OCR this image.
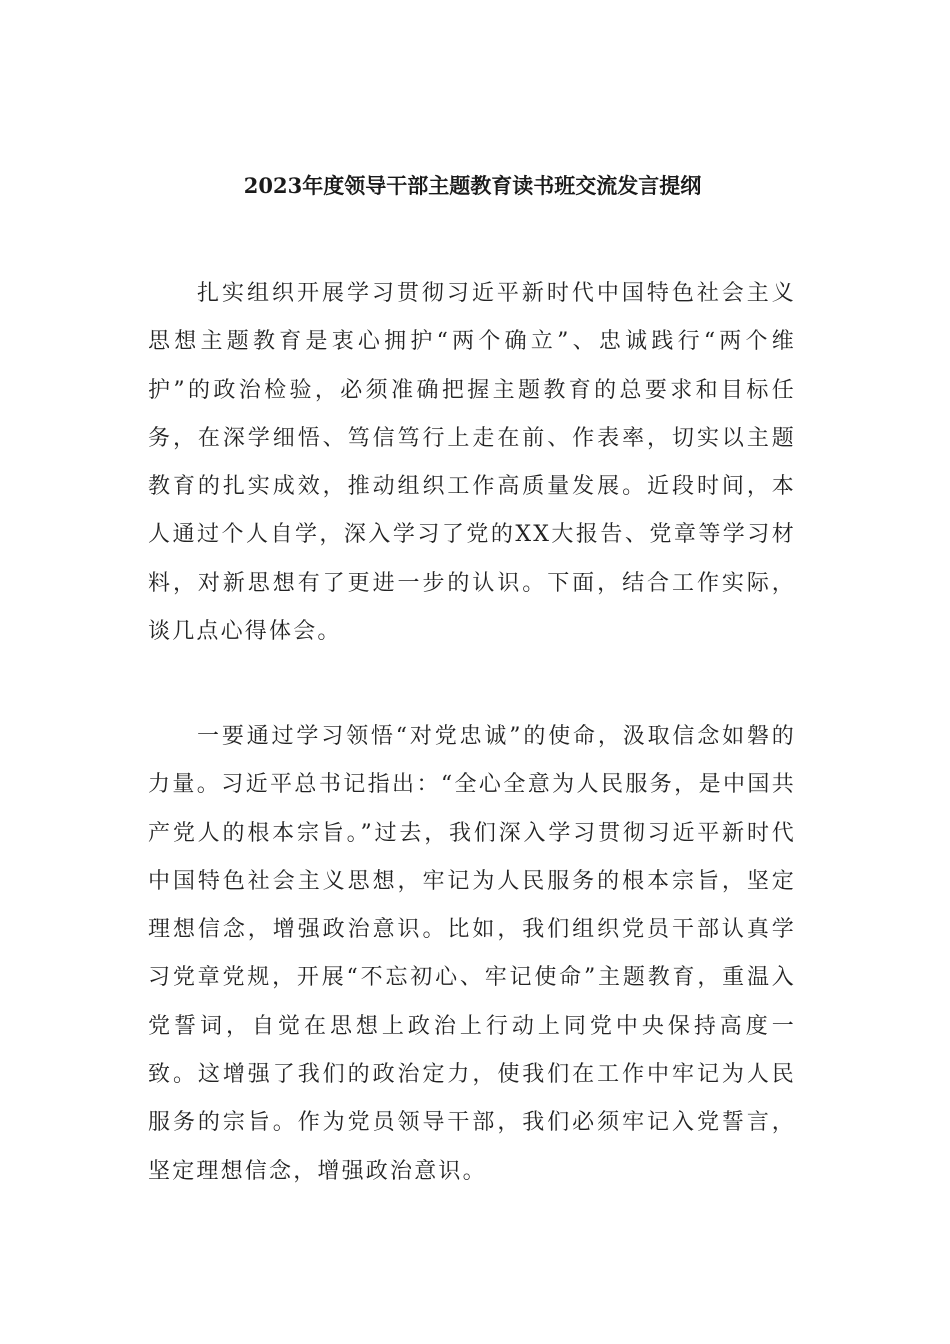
2023年度领导干部主题教育读书班交流发言提纲

扎实组织开展学习贯彻习近平新时代中国特色社会主义思想主题教育是衷心拥护“两个确立”、忠诚践行“两个维护”的政治检验，必须准确把握主题教育的总要求和目标任务，在深学细悟、笃信笃行上走在前、作表率，切实以主题教育的扎实成效，推动组织工作高质量发展。近段时间，本人通过个人自学，深入学习了党的XX大报告、党章等学习材料，对新思想有了更进一步的认识。下面，结合工作实际，谈几点心得体会。

一要通过学习领悟“对党忠诚”的使命，汲取信念如磐的力量。习近平总书记指出：“全心全意为人民服务，是中国共产党人的根本宗旨。”过去，我们深入学习贯彻习近平新时代中国特色社会主义思想，牢记为人民服务的根本宗旨，坚定理想信念，增强政治意识。比如，我们组织党员干部认真学习党章党规，开展“不忘初心、牢记使命”主题教育，重温入党誓词，自觉在思想上政治上行动上同党中央保持高度一致。这增强了我们的政治定力，使我们在工作中牢记为人民服务的宗旨。作为党员领导干部，我们必须牢记入党誓言，坚定理想信念，增强政治意识。
